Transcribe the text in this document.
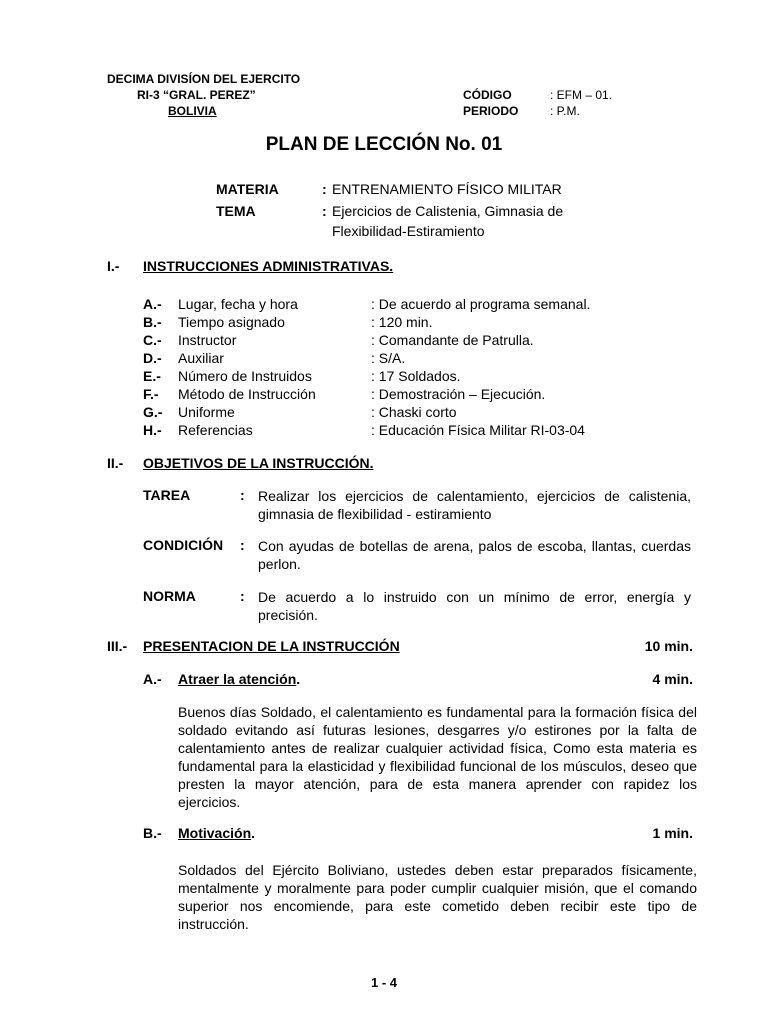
DECIMA DIVISÍON DEL EJERCITO
RI-3 “GRAL. PEREZ”
BOLIVIA
CÓDIGO	: EFM – 01.
PERIODO	: P.M.
PLAN DE LECCIÓN No. 01
MATERIA	: ENTRENAMIENTO FÍSICO MILITAR
TEMA	: Ejercicios de Calistenia, Gimnasia de
Flexibilidad-Estiramiento
I.- INSTRUCCIONES ADMINISTRATIVAS.
A.- Lugar, fecha y hora	: De acuerdo al programa semanal.
B.- Tiempo asignado	: 120 min.
C.- Instructor	: Comandante de Patrulla.
D.- Auxiliar	: S/A.
E.- Número de Instruidos	: 17 Soldados.
F.- Método de Instrucción	: Demostración – Ejecución.
G.- Uniforme	: Chaski corto
H.- Referencias	: Educación Física Militar RI-03-04
II.- OBJETIVOS DE LA INSTRUCCIÓN.
TAREA	: Realizar los ejercicios de calentamiento, ejercicios de calistenia, gimnasia de flexibilidad - estiramiento
CONDICIÓN : Con ayudas de botellas de arena, palos de escoba, llantas, cuerdas perlon.
NORMA	: De acuerdo a lo instruido con un mínimo de error, energía y precisión.
III.- PRESENTACION DE LA INSTRUCCIÓN	10 min.
A.- Atraer la atención.	4 min.
Buenos días Soldado, el calentamiento es fundamental para la formación física del soldado evitando así futuras lesiones, desgarres y/o estirones por la falta de calentamiento antes de realizar cualquier actividad física, Como esta materia es fundamental para la elasticidad y flexibilidad funcional de los músculos, deseo que presten la mayor atención, para de esta manera aprender con rapidez los ejercicios.
B.- Motivación.	1 min.
Soldados del Ejército Boliviano, ustedes deben estar preparados físicamente, mentalmente y moralmente para poder cumplir cualquier misión, que el comando superior nos encomiende, para este cometido deben recibir este tipo de instrucción.
1 - 4
